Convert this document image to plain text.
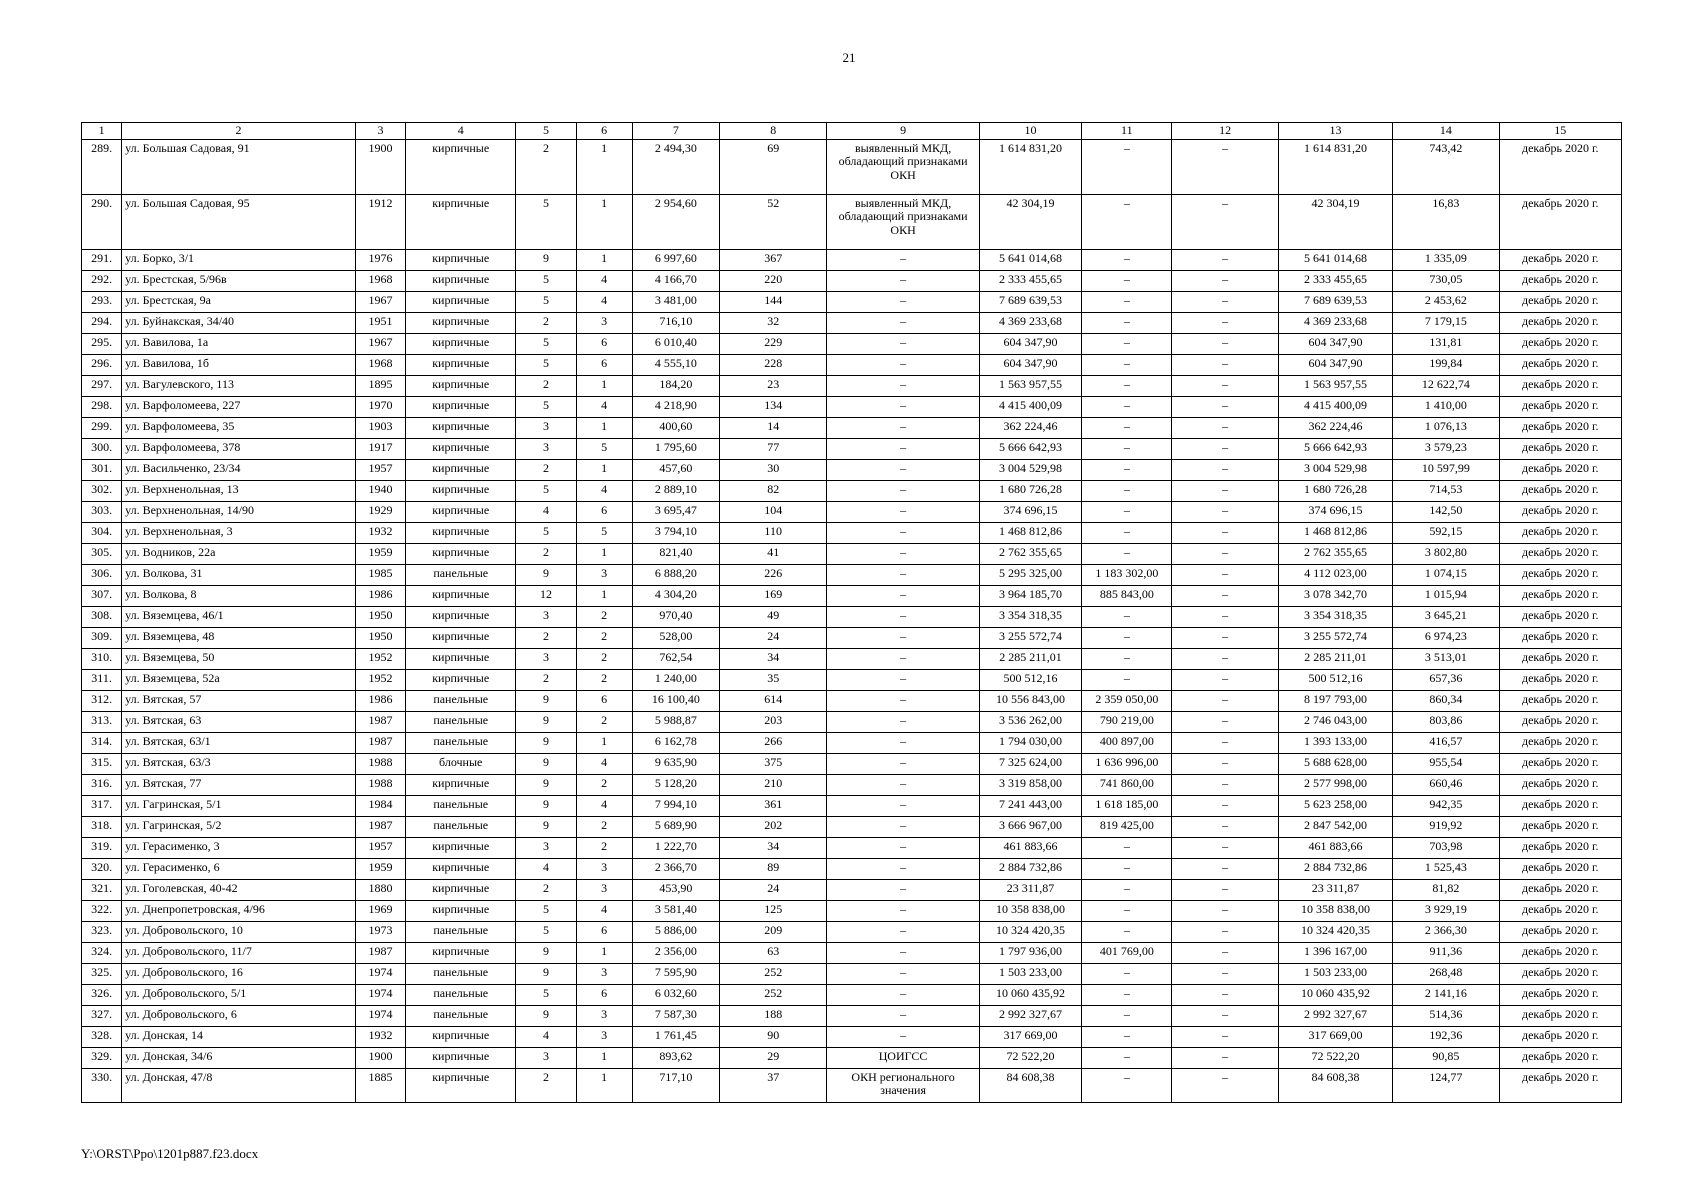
21
1	2	3	4	5	6	7	8	9	10	11	12	13	14	15
289.	ул. Большая Садовая, 91	1900	кирпичные	2	1	2 494,30	69	выявленный МКД, обладающий признаками ОКН	1 614 831,20	–	–	1 614 831,20	743,42	декабрь 2020 г.
290.	ул. Большая Садовая, 95	1912	кирпичные	5	1	2 954,60	52	выявленный МКД, обладающий признаками ОКН	42 304,19	–	–	42 304,19	16,83	декабрь 2020 г.
291.	ул. Борко, 3/1	1976	кирпичные	9	1	6 997,60	367	–	5 641 014,68	–	–	5 641 014,68	1 335,09	декабрь 2020 г.
292.	ул. Брестская, 5/96в	1968	кирпичные	5	4	4 166,70	220	–	2 333 455,65	–	–	2 333 455,65	730,05	декабрь 2020 г.
293.	ул. Брестская, 9а	1967	кирпичные	5	4	3 481,00	144	–	7 689 639,53	–	–	7 689 639,53	2 453,62	декабрь 2020 г.
294.	ул. Буйнакская, 34/40	1951	кирпичные	2	3	716,10	32	–	4 369 233,68	–	–	4 369 233,68	7 179,15	декабрь 2020 г.
295.	ул. Вавилова, 1а	1967	кирпичные	5	6	6 010,40	229	–	604 347,90	–	–	604 347,90	131,81	декабрь 2020 г.
296.	ул. Вавилова, 1б	1968	кирпичные	5	6	4 555,10	228	–	604 347,90	–	–	604 347,90	199,84	декабрь 2020 г.
297.	ул. Вагулевского, 113	1895	кирпичные	2	1	184,20	23	–	1 563 957,55	–	–	1 563 957,55	12 622,74	декабрь 2020 г.
298.	ул. Варфоломеева, 227	1970	кирпичные	5	4	4 218,90	134	–	4 415 400,09	–	–	4 415 400,09	1 410,00	декабрь 2020 г.
299.	ул. Варфоломеева, 35	1903	кирпичные	3	1	400,60	14	–	362 224,46	–	–	362 224,46	1 076,13	декабрь 2020 г.
300.	ул. Варфоломеева, 378	1917	кирпичные	3	5	1 795,60	77	–	5 666 642,93	–	–	5 666 642,93	3 579,23	декабрь 2020 г.
301.	ул. Васильченко, 23/34	1957	кирпичные	2	1	457,60	30	–	3 004 529,98	–	–	3 004 529,98	10 597,99	декабрь 2020 г.
302.	ул. Верхненольная, 13	1940	кирпичные	5	4	2 889,10	82	–	1 680 726,28	–	–	1 680 726,28	714,53	декабрь 2020 г.
303.	ул. Верхненольная, 14/90	1929	кирпичные	4	6	3 695,47	104	–	374 696,15	–	–	374 696,15	142,50	декабрь 2020 г.
304.	ул. Верхненольная, 3	1932	кирпичные	5	5	3 794,10	110	–	1 468 812,86	–	–	1 468 812,86	592,15	декабрь 2020 г.
305.	ул. Водников, 22а	1959	кирпичные	2	1	821,40	41	–	2 762 355,65	–	–	2 762 355,65	3 802,80	декабрь 2020 г.
306.	ул. Волкова, 31	1985	панельные	9	3	6 888,20	226	–	5 295 325,00	1 183 302,00	–	4 112 023,00	1 074,15	декабрь 2020 г.
307.	ул. Волкова, 8	1986	кирпичные	12	1	4 304,20	169	–	3 964 185,70	885 843,00	–	3 078 342,70	1 015,94	декабрь 2020 г.
308.	ул. Вяземцева, 46/1	1950	кирпичные	3	2	970,40	49	–	3 354 318,35	–	–	3 354 318,35	3 645,21	декабрь 2020 г.
309.	ул. Вяземцева, 48	1950	кирпичные	2	2	528,00	24	–	3 255 572,74	–	–	3 255 572,74	6 974,23	декабрь 2020 г.
310.	ул. Вяземцева, 50	1952	кирпичные	3	2	762,54	34	–	2 285 211,01	–	–	2 285 211,01	3 513,01	декабрь 2020 г.
311.	ул. Вяземцева, 52а	1952	кирпичные	2	2	1 240,00	35	–	500 512,16	–	–	500 512,16	657,36	декабрь 2020 г.
312.	ул. Вятская, 57	1986	панельные	9	6	16 100,40	614	–	10 556 843,00	2 359 050,00	–	8 197 793,00	860,34	декабрь 2020 г.
313.	ул. Вятская, 63	1987	панельные	9	2	5 988,87	203	–	3 536 262,00	790 219,00	–	2 746 043,00	803,86	декабрь 2020 г.
314.	ул. Вятская, 63/1	1987	панельные	9	1	6 162,78	266	–	1 794 030,00	400 897,00	–	1 393 133,00	416,57	декабрь 2020 г.
315.	ул. Вятская, 63/3	1988	блочные	9	4	9 635,90	375	–	7 325 624,00	1 636 996,00	–	5 688 628,00	955,54	декабрь 2020 г.
316.	ул. Вятская, 77	1988	кирпичные	9	2	5 128,20	210	–	3 319 858,00	741 860,00	–	2 577 998,00	660,46	декабрь 2020 г.
317.	ул. Гагринская, 5/1	1984	панельные	9	4	7 994,10	361	–	7 241 443,00	1 618 185,00	–	5 623 258,00	942,35	декабрь 2020 г.
318.	ул. Гагринская, 5/2	1987	панельные	9	2	5 689,90	202	–	3 666 967,00	819 425,00	–	2 847 542,00	919,92	декабрь 2020 г.
319.	ул. Герасименко, 3	1957	кирпичные	3	2	1 222,70	34	–	461 883,66	–	–	461 883,66	703,98	декабрь 2020 г.
320.	ул. Герасименко, 6	1959	кирпичные	4	3	2 366,70	89	–	2 884 732,86	–	–	2 884 732,86	1 525,43	декабрь 2020 г.
321.	ул. Гоголевская, 40-42	1880	кирпичные	2	3	453,90	24	–	23 311,87	–	–	23 311,87	81,82	декабрь 2020 г.
322.	ул. Днепропетровская, 4/96	1969	кирпичные	5	4	3 581,40	125	–	10 358 838,00	–	–	10 358 838,00	3 929,19	декабрь 2020 г.
323.	ул. Добровольского, 10	1973	панельные	5	6	5 886,00	209	–	10 324 420,35	–	–	10 324 420,35	2 366,30	декабрь 2020 г.
324.	ул. Добровольского, 11/7	1987	кирпичные	9	1	2 356,00	63	–	1 797 936,00	401 769,00	–	1 396 167,00	911,36	декабрь 2020 г.
325.	ул. Добровольского, 16	1974	панельные	9	3	7 595,90	252	–	1 503 233,00	–	–	1 503 233,00	268,48	декабрь 2020 г.
326.	ул. Добровольского, 5/1	1974	панельные	5	6	6 032,60	252	–	10 060 435,92	–	–	10 060 435,92	2 141,16	декабрь 2020 г.
327.	ул. Добровольского, 6	1974	панельные	9	3	7 587,30	188	–	2 992 327,67	–	–	2 992 327,67	514,36	декабрь 2020 г.
328.	ул. Донская, 14	1932	кирпичные	4	3	1 761,45	90	–	317 669,00	–	–	317 669,00	192,36	декабрь 2020 г.
329.	ул. Донская, 34/6	1900	кирпичные	3	1	893,62	29	ЦОИГСС	72 522,20	–	–	72 522,20	90,85	декабрь 2020 г.
330.	ул. Донская, 47/8	1885	кирпичные	2	1	717,10	37	ОКН регионального значения	84 608,38	–	–	84 608,38	124,77	декабрь 2020 г.
Y:\ORST\Ppo\1201p887.f23.docx
